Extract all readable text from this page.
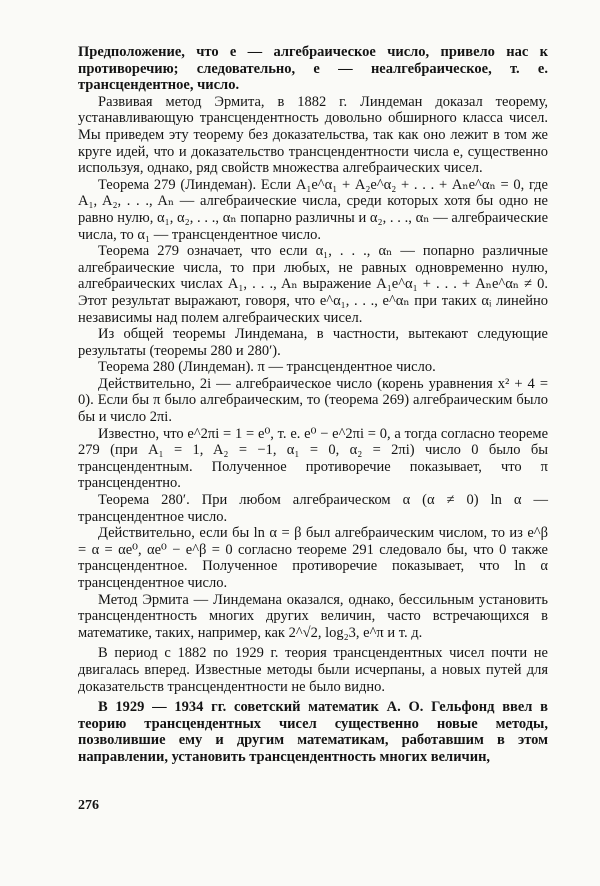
Предположение, что e — алгебраическое число, привело нас к противоречию; следовательно, e — неалгебраическое, т. е. трансцендентное, число.

Развивая метод Эрмита, в 1882 г. Линдеман доказал теорему, устанавливающую трансцендентность довольно обширного класса чисел. Мы приведем эту теорему без доказательства, так как оно лежит в том же круге идей, что и доказательство трансцендентности числа e, существенно используя, однако, ряд свойств множества алгебраических чисел.

Теорема 279 (Линдеман). Если A₁e^α₁ + A₂e^α₂ + . . . + Aₙe^αₙ = 0, где A₁, A₂, . . ., Aₙ — алгебраические числа, среди которых хотя бы одно не равно нулю, α₁, α₂, . . ., αₙ попарно различны и α₂, . . ., αₙ — алгебраические числа, то α₁ — трансцендентное число.

Теорема 279 означает, что если α₁, . . ., αₙ — попарно различные алгебраические числа, то при любых, не равных одновременно нулю, алгебраических числах A₁, . . ., Aₙ выражение A₁e^α₁ + . . . + Aₙe^αₙ ≠ 0. Этот результат выражают, говоря, что e^α₁, . . ., e^αₙ при таких αᵢ линейно независимы над полем алгебраических чисел.

Из общей теоремы Линдемана, в частности, вытекают следующие результаты (теоремы 280 и 280′).

Теорема 280 (Линдеман). π — трансцендентное число.

Действительно, 2i — алгебраическое число (корень уравнения x² + 4 = 0). Если бы π было алгебраическим, то (теорема 269) алгебраическим было бы и число 2πi.

Известно, что e^2πi = 1 = e⁰, т. е. e⁰ − e^2πi = 0, а тогда согласно теореме 279 (при A₁ = 1, A₂ = −1, α₁ = 0, α₂ = 2πi) число 0 было бы трансцендентным. Полученное противоречие показывает, что π трансцендентно.

Теорема 280′. При любом алгебраическом α (α ≠ 0) ln α — трансцендентное число.

Действительно, если бы ln α = β был алгебраическим числом, то из e^β = α = αe⁰, αe⁰ − e^β = 0 согласно теореме 291 следовало бы, что 0 также трансцендентное. Полученное противоречие показывает, что ln α трансцендентное число.

Метод Эрмита — Линдемана оказался, однако, бессильным установить трансцендентность многих других величин, часто встречающихся в математике, таких, например, как 2^√2, log₂3, e^π и т. д.

В период с 1882 по 1929 г. теория трансцендентных чисел почти не двигалась вперед. Известные методы были исчерпаны, а новых путей для доказательств трансцендентности не было видно.

В 1929 — 1934 гг. советский математик А. О. Гельфонд ввел в теорию трансцендентных чисел существенно новые методы, позволившие ему и другим математикам, работавшим в этом направлении, установить трансцендентность многих величин,

276
